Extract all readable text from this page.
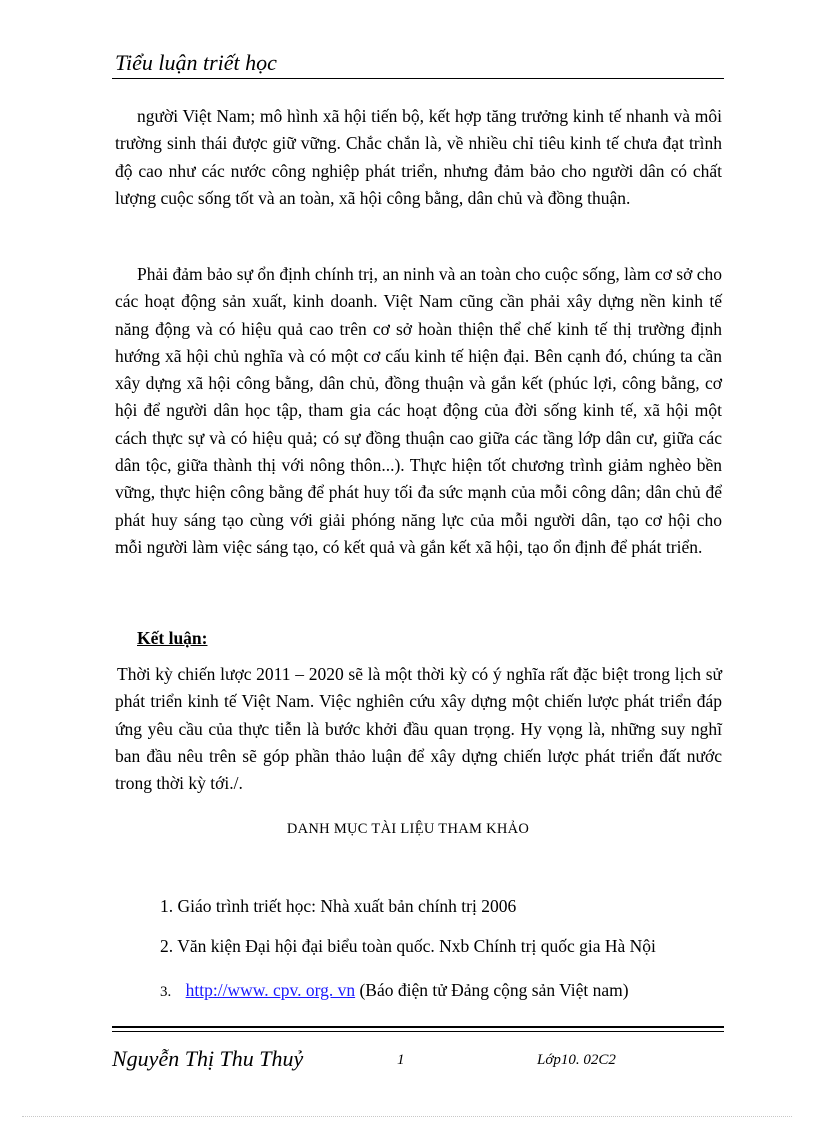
Tiểu luận triết học

người Việt Nam; mô hình xã hội tiến bộ, kết hợp tăng trưởng kinh tế nhanh và môi trường sinh thái được giữ vững. Chắc chắn là, về nhiều chỉ tiêu kinh tế chưa đạt trình độ cao như các nước công nghiệp phát triển, nhưng đảm bảo cho người dân có chất lượng cuộc sống tốt và an toàn, xã hội công bằng, dân chủ và đồng thuận.

Phải đảm bảo sự ổn định chính trị, an ninh và an toàn cho cuộc sống, làm cơ sở cho các hoạt động sản xuất, kinh doanh. Việt Nam cũng cần phải xây dựng nền kinh tế năng động và có hiệu quả cao trên cơ sở hoàn thiện thể chế kinh tế thị trường định hướng xã hội chủ nghĩa và có một cơ cấu kinh tế hiện đại. Bên cạnh đó, chúng ta cần xây dựng xã hội công bằng, dân chủ, đồng thuận và gắn kết (phúc lợi, công bằng, cơ hội để người dân học tập, tham gia các hoạt động của đời sống kinh tế, xã hội một cách thực sự và có hiệu quả; có sự đồng thuận cao giữa các tầng lớp dân cư, giữa các dân tộc, giữa thành thị với nông thôn...). Thực hiện tốt chương trình giảm nghèo bền vững, thực hiện công bằng để phát huy tối đa sức mạnh của mỗi công dân; dân chủ để phát huy sáng tạo cùng với giải phóng năng lực của mỗi người dân, tạo cơ hội cho mỗi người làm việc sáng tạo, có kết quả và gắn kết xã hội, tạo ổn định để phát triển.

Kết luận:

Thời kỳ chiến lược 2011 – 2020 sẽ là một thời kỳ có ý nghĩa rất đặc biệt trong lịch sử phát triển kinh tế Việt Nam. Việc nghiên cứu xây dựng một chiến lược phát triển đáp ứng yêu cầu của thực tiễn là bước khởi đầu quan trọng. Hy vọng là, những suy nghĩ ban đầu nêu trên sẽ góp phần thảo luận để xây dựng chiến lược phát triển đất nước trong thời kỳ tới./.

DANH MỤC TÀI LIỆU THAM KHẢO
1. Giáo trình triết học: Nhà xuất bản chính trị 2006
2. Văn kiện Đại hội đại biểu toàn quốc. Nxb Chính trị quốc gia Hà Nội
3. http://www. cpv. org. vn (Báo điện tử Đảng cộng sản Việt nam)
Nguyễn Thị Thu Thuỷ	1	Lớp10. 02C2
